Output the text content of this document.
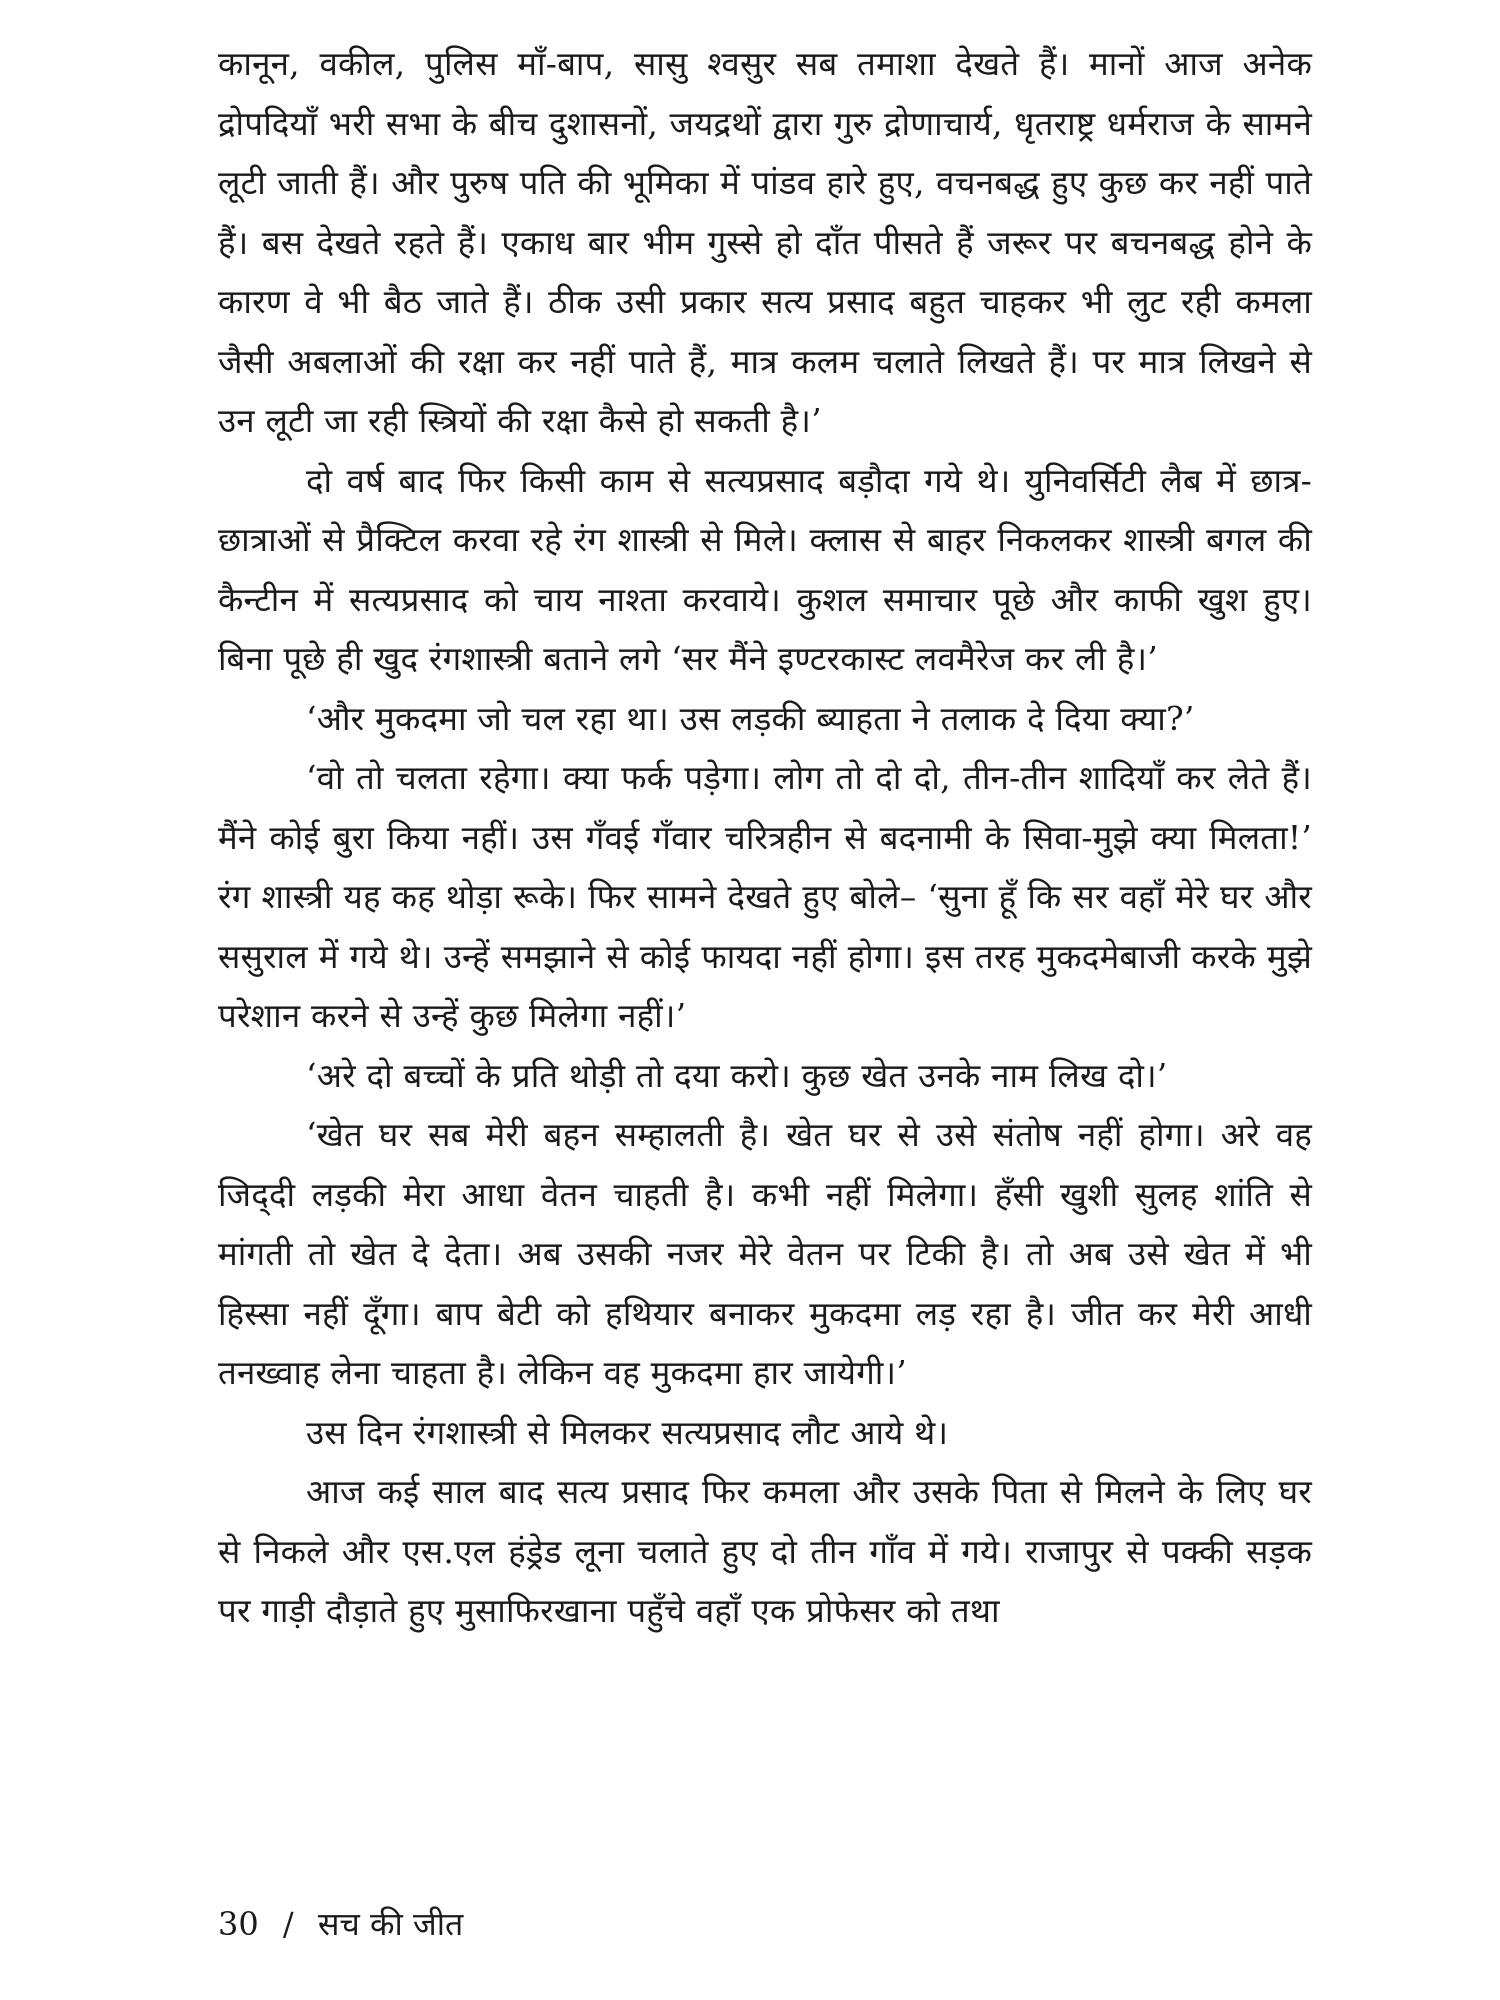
कानून, वकील, पुलिस माँ-बाप, सासु श्वसुर सब तमाशा देखते हैं। मानों आज अनेक द्रोपदियाँ भरी सभा के बीच दुशासनों, जयद्रथों द्वारा गुरु द्रोणाचार्य, धृतराष्ट्र धर्मराज के सामने लूटी जाती हैं। और पुरुष पति की भूमिका में पांडव हारे हुए, वचनबद्ध हुए कुछ कर नहीं पाते हैं। बस देखते रहते हैं। एकाध बार भीम गुस्से हो दाँत पीसते हैं जरूर पर बचनबद्ध होने के कारण वे भी बैठ जाते हैं। ठीक उसी प्रकार सत्य प्रसाद बहुत चाहकर भी लुट रही कमला जैसी अबलाओं की रक्षा कर नहीं पाते हैं, मात्र कलम चलाते लिखते हैं। पर मात्र लिखने से उन लूटी जा रही स्त्रियों की रक्षा कैसे हो सकती है।’

दो वर्ष बाद फिर किसी काम से सत्यप्रसाद बड़ौदा गये थे। युनिवर्सिटी लैब में छात्र-छात्राओं से प्रैक्टिल करवा रहे रंग शास्त्री से मिले। क्लास से बाहर निकलकर शास्त्री बगल की कैन्टीन में सत्यप्रसाद को चाय नाश्ता करवाये। कुशल समाचार पूछे और काफी खुश हुए। बिना पूछे ही खुद रंगशास्त्री बताने लगे ‘सर मैंने इण्टरकास्ट लवमैरेज कर ली है।’

‘और मुकदमा जो चल रहा था। उस लड़की ब्याहता ने तलाक दे दिया क्या?’

‘वो तो चलता रहेगा। क्या फर्क पड़ेगा। लोग तो दो दो, तीन-तीन शादियाँ कर लेते हैं। मैंने कोई बुरा किया नहीं। उस गँवई गँवार चरित्रहीन से बदनामी के सिवा-मुझे क्या मिलता!’ रंग शास्त्री यह कह थोड़ा रूके। फिर सामने देखते हुए बोले– ‘सुना हूँ कि सर वहाँ मेरे घर और ससुराल में गये थे। उन्हें समझाने से कोई फायदा नहीं होगा। इस तरह मुकदमेबाजी करके मुझे परेशान करने से उन्हें कुछ मिलेगा नहीं।’

‘अरे दो बच्चों के प्रति थोड़ी तो दया करो। कुछ खेत उनके नाम लिख दो।’

‘खेत घर सब मेरी बहन सम्हालती है। खेत घर से उसे संतोष नहीं होगा। अरे वह जिद्‌दी लड़की मेरा आधा वेतन चाहती है। कभी नहीं मिलेगा। हँसी खुशी सुलह शांति से मांगती तो खेत दे देता। अब उसकी नजर मेरे वेतन पर टिकी है। तो अब उसे खेत में भी हिस्सा नहीं दूँगा। बाप बेटी को हथियार बनाकर मुकदमा लड़ रहा है। जीत कर मेरी आधी तनख्वाह लेना चाहता है। लेकिन वह मुकदमा हार जायेगी।’

उस दिन रंगशास्त्री से मिलकर सत्यप्रसाद लौट आये थे।

आज कई साल बाद सत्य प्रसाद फिर कमला और उसके पिता से मिलने के लिए घर से निकले और एस.एल हंड्रेड लूना चलाते हुए दो तीन गाँव में गये। राजापुर से पक्की सड़क पर गाड़ी दौड़ाते हुए मुसाफिरखाना पहुँचे वहाँ एक प्रोफेसर को तथा

30 / सच की जीत
